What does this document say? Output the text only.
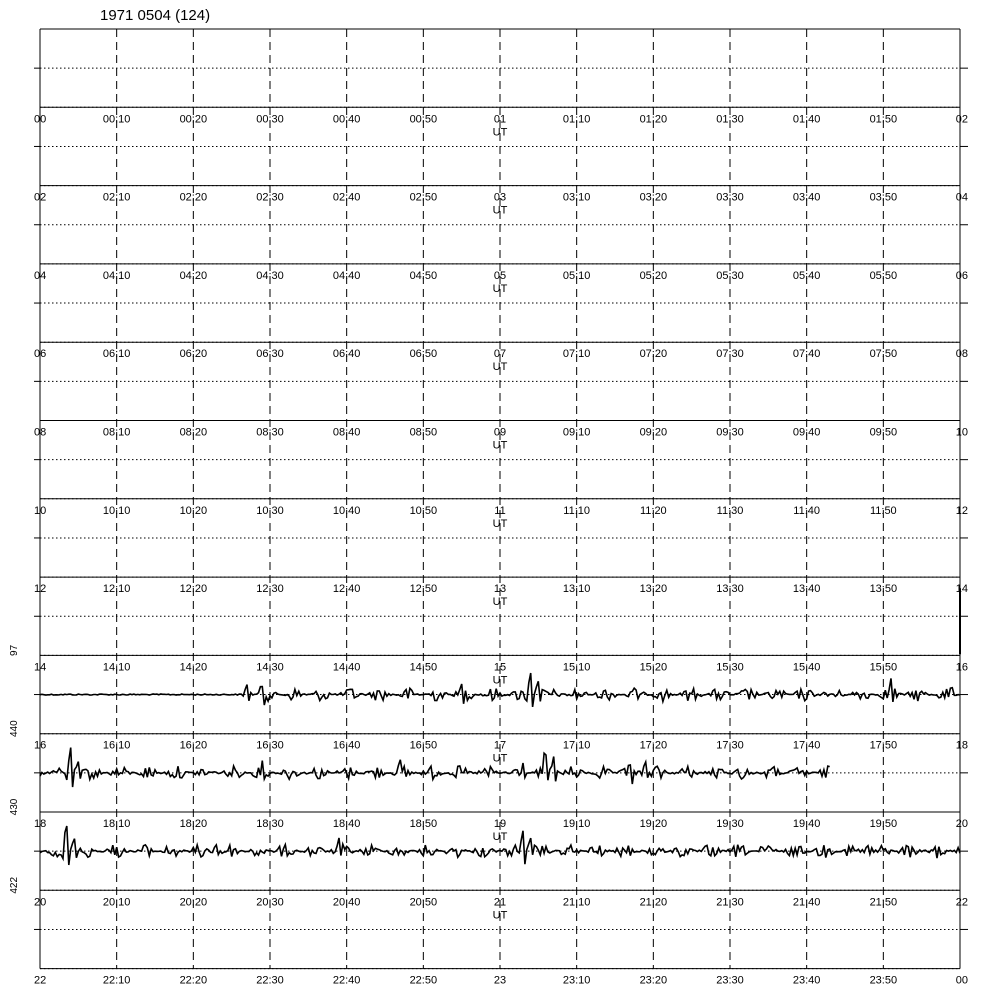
1971 0504 (124)
00	00:10	00:20	00:30	00:40	00:50	01	01:10	01:20	01:30	01:40	01:50	02
UT
02	02:10	02:20	02:30	02:40	02:50	03	03:10	03:20	03:30	03:40	03:50	04
UT
04	04:10	04:20	04:30	04:40	04:50	05	05:10	05:20	05:30	05:40	05:50	06
UT
06	06:10	06:20	06:30	06:40	06:50	07	07:10	07:20	07:30	07:40	07:50	08
UT
08	08:10	08:20	08:30	08:40	08:50	09	09:10	09:20	09:30	09:40	09:50	10
UT
10	10:10	10:20	10:30	10:40	10:50	11	11:10	11:20	11:30	11:40	11:50	12
UT
12	12:10	12:20	12:30	12:40	12:50	13	13:10	13:20	13:30	13:40	13:50	14
UT
14	14:10	14:20	14:30	14:40	14:50	15	15:10	15:20	15:30	15:40	15:50	16
UT
97
16	16:10	16:20	16:30	16:40	16:50	17	17:10	17:20	17:30	17:40	17:50	18
UT
440
18	18:10	18:20	18:30	18:40	18:50	19	19:10	19:20	19:30	19:40	19:50	20
UT
430
20	20:10	20:20	20:30	20:40	20:50	21	21:10	21:20	21:30	21:40	21:50	22
UT
422
22	22:10	22:20	22:30	22:40	22:50	23	23:10	23:20	23:30	23:40	23:50	00
